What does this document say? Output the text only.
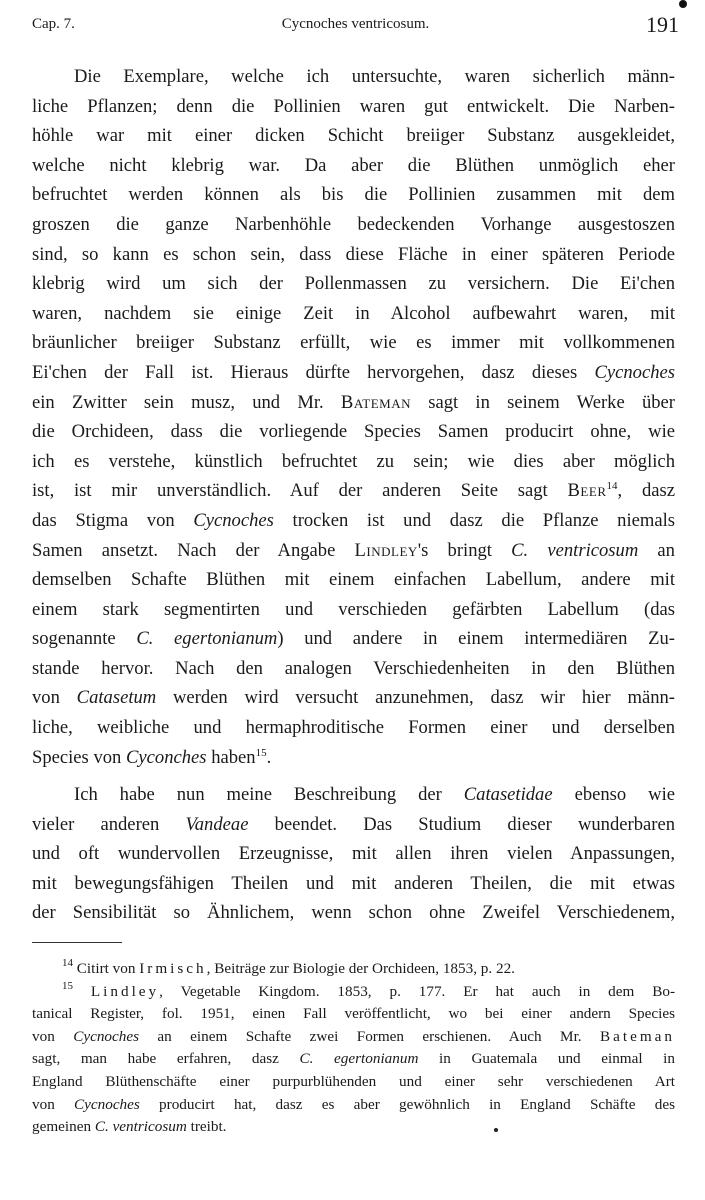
Cap. 7.	Cycnoches ventricosum.	191
Die Exemplare, welche ich untersuchte, waren sicherlich männ-
liche Pflanzen; denn die Pollinien waren gut entwickelt. Die Narben-
höhle war mit einer dicken Schicht breiiger Substanz ausgekleidet,
welche nicht klebrig war. Da aber die Blüthen unmöglich eher
befruchtet werden können als bis die Pollinien zusammen mit dem
groszen die ganze Narbenhöhle bedeckenden Vorhange ausgestoszen
sind, so kann es schon sein, dass diese Fläche in einer späteren Periode
klebrig wird um sich der Pollenmassen zu versichern. Die Ei'chen
waren, nachdem sie einige Zeit in Alcohol aufbewahrt waren, mit
bräunlicher breiiger Substanz erfüllt, wie es immer mit vollkommenen
Ei'chen der Fall ist. Hieraus dürfte hervorgehen, dasz dieses Cycnoches
ein Zwitter sein musz, und Mr. Bateman sagt in seinem Werke über
die Orchideen, dass die vorliegende Species Samen producirt ohne, wie
ich es verstehe, künstlich befruchtet zu sein; wie dies aber möglich
ist, ist mir unverständlich. Auf der anderen Seite sagt Beer$^{14}$, dasz
das Stigma von Cycnoches trocken ist und dasz die Pflanze niemals
Samen ansetzt. Nach der Angabe Lindley's bringt C. ventricosum an
demselben Schafte Blüthen mit einem einfachen Labellum, andere mit
einem stark segmentirten und verschieden gefärbten Labellum (das
sogenannte C. egertonianum) und andere in einem intermediären Zu-
stande hervor. Nach den analogen Verschiedenheiten in den Blüthen
von Catasetum werden wird versucht anzunehmen, dasz wir hier männ-
liche, weibliche und hermaphroditische Formen einer und derselben
Species von Cyconches haben$^{15}$.
Ich habe nun meine Beschreibung der Catasetidae ebenso wie
vieler anderen Vandeae beendet. Das Studium dieser wunderbaren
und oft wundervollen Erzeugnisse, mit allen ihren vielen Anpassungen,
mit bewegungsfähigen Theilen und mit anderen Theilen, die mit etwas
der Sensibilität so Ähnlichem, wenn schon ohne Zweifel Verschiedenem,
$^{14}$ Citirt von Irmisch, Beiträge zur Biologie der Orchideen, 1853, p. 22.
$^{15}$ Lindley, Vegetable Kingdom. 1853, p. 177. Er hat auch in dem Bo-
tanical Register, fol. 1951, einen Fall veröffentlicht, wo bei einer andern Species
von Cycnoches an einem Schafte zwei Formen erschienen. Auch Mr. Bateman
sagt, man habe erfahren, dasz C. egertonianum in Guatemala und einmal in
England Blüthenschäfte einer purpurblühenden und einer sehr verschiedenen Art
von Cycnoches producirt hat, dasz es aber gewöhnlich in England Schäfte des
gemeinen C. ventricosum treibt.
